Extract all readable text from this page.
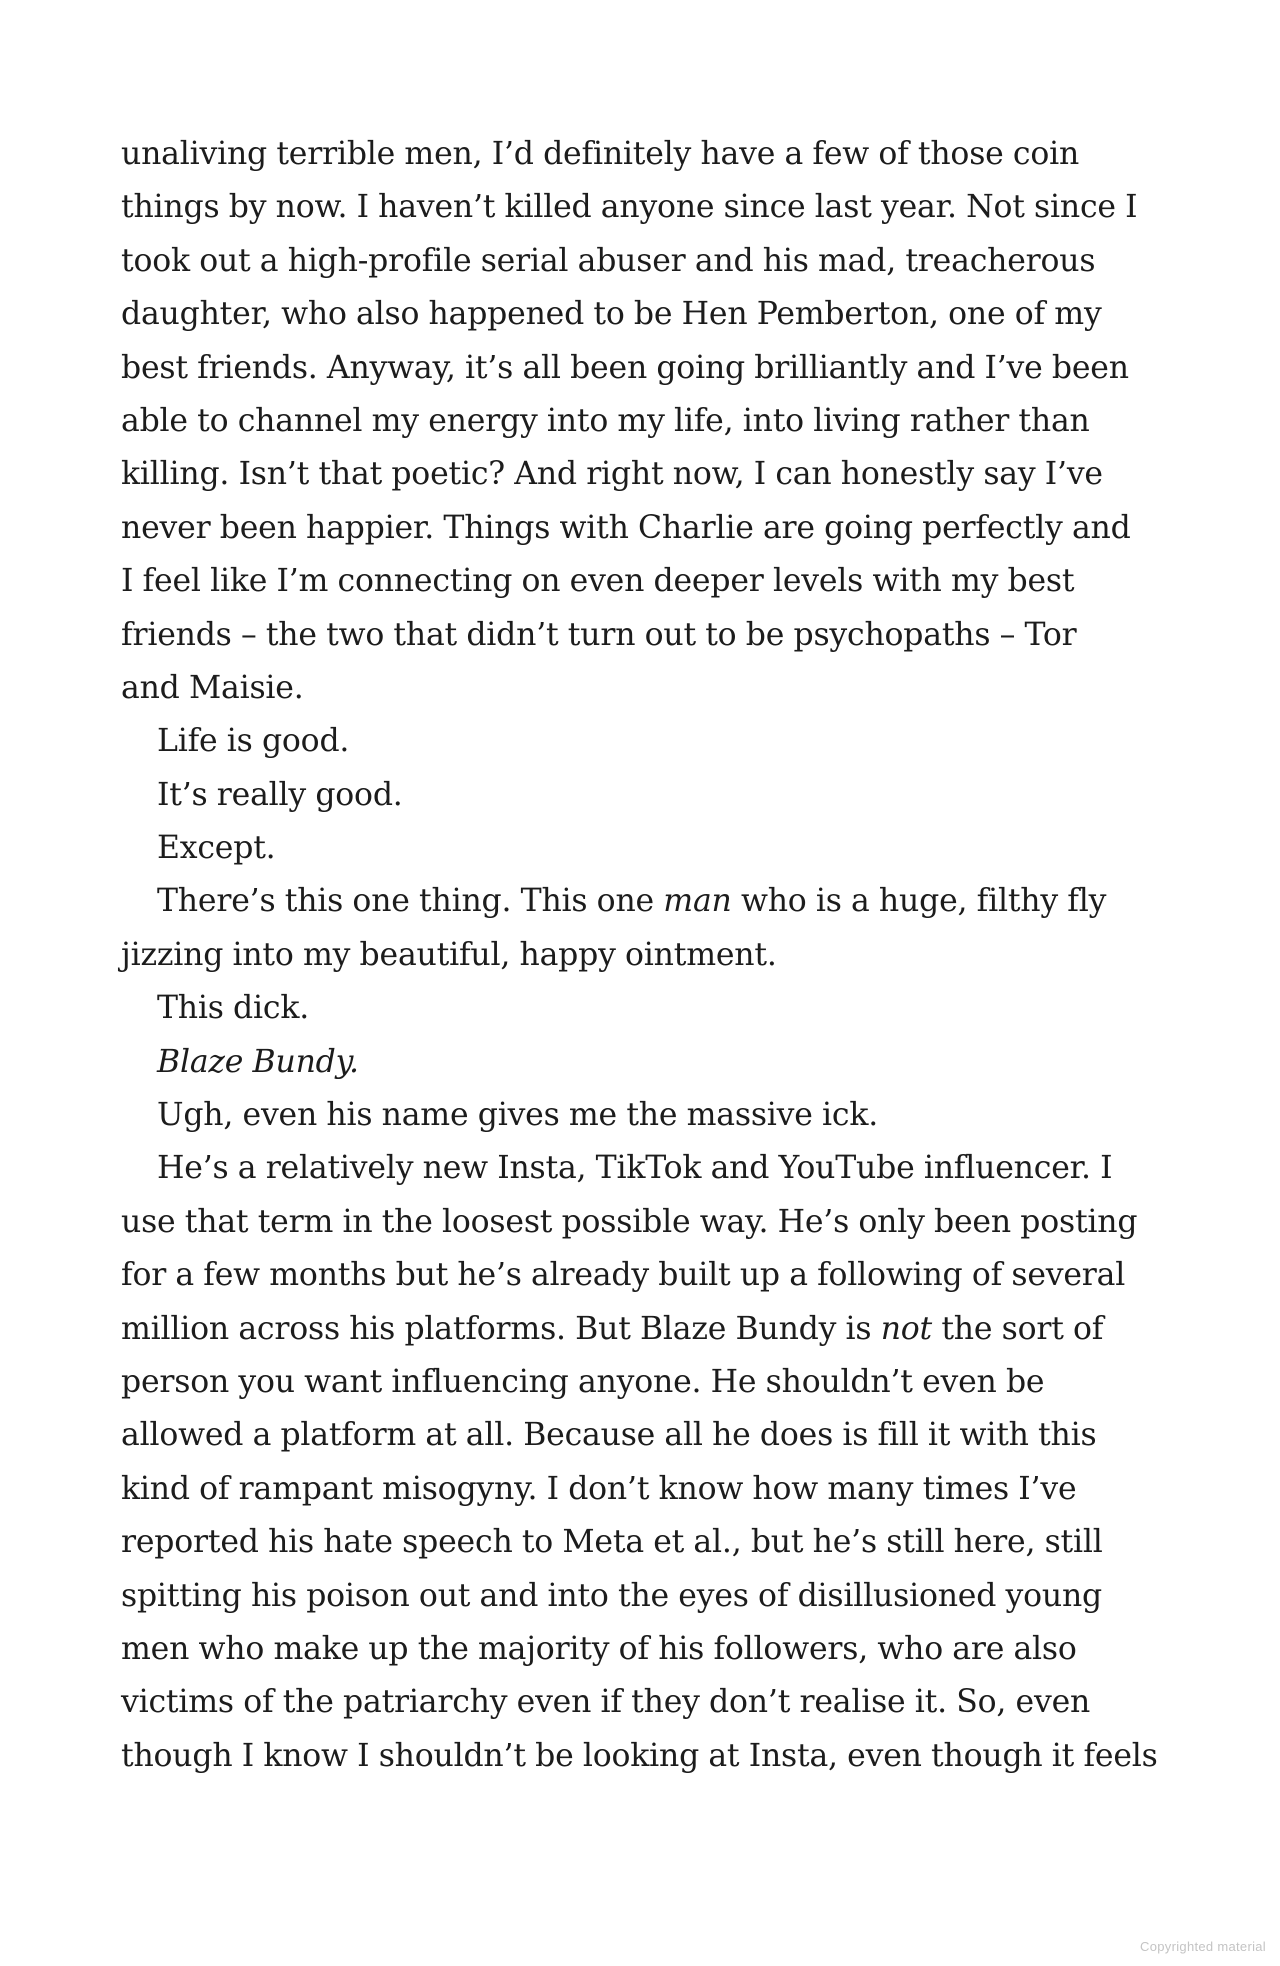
unaliving terrible men, I’d definitely have a few of those coin
things by now. I haven’t killed anyone since last year. Not since I
took out a high-profile serial abuser and his mad, treacherous
daughter, who also happened to be Hen Pemberton, one of my
best friends. Anyway, it’s all been going brilliantly and I’ve been
able to channel my energy into my life, into living rather than
killing. Isn’t that poetic? And right now, I can honestly say I’ve
never been happier. Things with Charlie are going perfectly and
I feel like I’m connecting on even deeper levels with my best
friends – the two that didn’t turn out to be psychopaths – Tor
and Maisie.
Life is good.
It’s really good.
Except.
There’s this one thing. This one man who is a huge, filthy fly
jizzing into my beautiful, happy ointment.
This dick.
Blaze Bundy.
Ugh, even his name gives me the massive ick.
He’s a relatively new Insta, TikTok and YouTube influencer. I
use that term in the loosest possible way. He’s only been posting
for a few months but he’s already built up a following of several
million across his platforms. But Blaze Bundy is not the sort of
person you want influencing anyone. He shouldn’t even be
allowed a platform at all. Because all he does is fill it with this
kind of rampant misogyny. I don’t know how many times I’ve
reported his hate speech to Meta et al., but he’s still here, still
spitting his poison out and into the eyes of disillusioned young
men who make up the majority of his followers, who are also
victims of the patriarchy even if they don’t realise it. So, even
though I know I shouldn’t be looking at Insta, even though it feels
Copyrighted material
